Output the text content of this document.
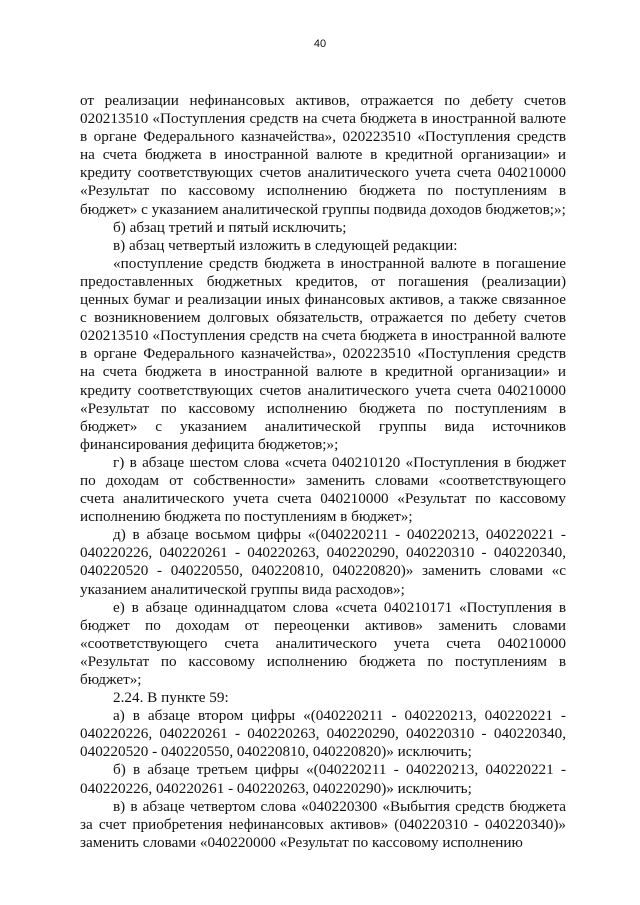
40

от реализации нефинансовых активов, отражается по дебету счетов 020213510 «Поступления средств на счета бюджета в иностранной валюте в органе Федерального казначейства», 020223510 «Поступления средств на счета бюджета в иностранной валюте в кредитной организации» и кредиту соответствующих счетов аналитического учета счета 040210000 «Результат по кассовому исполнению бюджета по поступлениям в бюджет» с указанием аналитической группы подвида доходов бюджетов;»;

б) абзац третий и пятый исключить;

в) абзац четвертый изложить в следующей редакции:

«поступление средств бюджета в иностранной валюте в погашение предоставленных бюджетных кредитов, от погашения (реализации) ценных бумаг и реализации иных финансовых активов, а также связанное с возникновением долговых обязательств, отражается по дебету счетов 020213510 «Поступления средств на счета бюджета в иностранной валюте в органе Федерального казначейства», 020223510 «Поступления средств на счета бюджета в иностранной валюте в кредитной организации» и кредиту соответствующих счетов аналитического учета счета 040210000 «Результат по кассовому исполнению бюджета по поступлениям в бюджет» с указанием аналитической группы вида источников финансирования дефицита бюджетов;»;

г) в абзаце шестом слова «счета 040210120 «Поступления в бюджет по доходам от собственности» заменить словами «соответствующего счета аналитического учета счета 040210000 «Результат по кассовому исполнению бюджета по поступлениям в бюджет»;

д) в абзаце восьмом цифры «(040220211 - 040220213, 040220221 - 040220226, 040220261 - 040220263, 040220290, 040220310 - 040220340, 040220520 - 040220550, 040220810, 040220820)» заменить словами «с указанием аналитической группы вида расходов»;

е) в абзаце одиннадцатом слова «счета 040210171 «Поступления в бюджет по доходам от переоценки активов» заменить словами «соответствующего счета аналитического учета счета 040210000 «Результат по кассовому исполнению бюджета по поступлениям в бюджет»;

2.24. В пункте 59:

а) в абзаце втором цифры «(040220211 - 040220213, 040220221 - 040220226, 040220261 - 040220263, 040220290, 040220310 - 040220340, 040220520 - 040220550, 040220810, 040220820)» исключить;

б) в абзаце третьем цифры «(040220211 - 040220213, 040220221 - 040220226, 040220261 - 040220263, 040220290)» исключить;

в) в абзаце четвертом слова «040220300 «Выбытия средств бюджета за счет приобретения нефинансовых активов» (040220310 - 040220340)» заменить словами «040220000 «Результат по кассовому исполнению
